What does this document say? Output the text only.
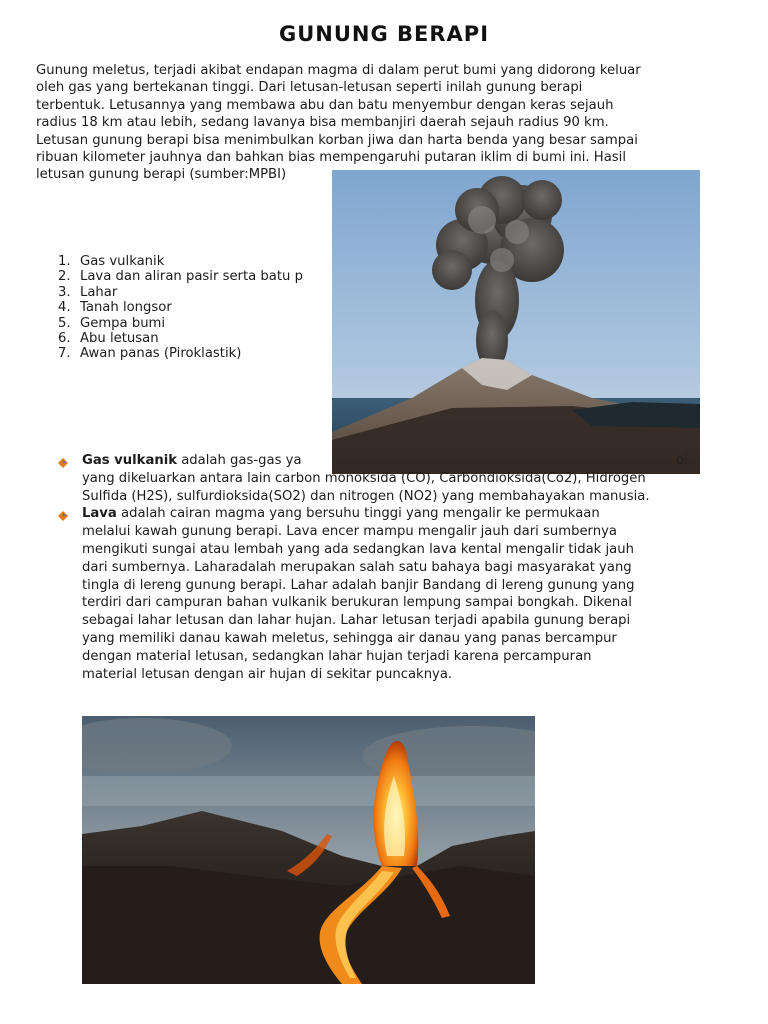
GUNUNG BERAPI
Gunung meletus, terjadi akibat endapan magma di dalam perut bumi yang didorong keluar
oleh gas yang bertekanan tinggi. Dari letusan-letusan seperti inilah gunung berapi
terbentuk. Letusannya yang membawa abu dan batu menyembur dengan keras sejauh
radius 18 km atau lebih, sedang lavanya bisa membanjiri daerah sejauh radius 90 km.
Letusan gunung berapi bisa menimbulkan korban jiwa dan harta benda yang besar sampai
ribuan kilometer jauhnya dan bahkan bias mempengaruhi putaran iklim di bumi ini. Hasil
letusan gunung berapi (sumber:MPBI)
1. Gas vulkanik
2. Lava dan aliran pasir serta batu p
3. Lahar
4. Tanah longsor
5. Gempa bumi
6. Abu letusan
7. Awan panas (Piroklastik)
Gas vulkanik adalah gas-gas ya	oi
yang dikeluarkan antara lain carbon monoksida (CO), Carbondioksida(Co2), Hidrogen
Sulfida (H2S), sulfurdioksida(SO2) dan nitrogen (NO2) yang membahayakan manusia.
Lava adalah cairan magma yang bersuhu tinggi yang mengalir ke permukaan
melalui kawah gunung berapi. Lava encer mampu mengalir jauh dari sumbernya
mengikuti sungai atau lembah yang ada sedangkan lava kental mengalir tidak jauh
dari sumbernya. Laharadalah merupakan salah satu bahaya bagi masyarakat yang
tingla di lereng gunung berapi. Lahar adalah banjir Bandang di lereng gunung yang
terdiri dari campuran bahan vulkanik berukuran lempung sampai bongkah. Dikenal
sebagai lahar letusan dan lahar hujan. Lahar letusan terjadi apabila gunung berapi
yang memiliki danau kawah meletus, sehingga air danau yang panas bercampur
dengan material letusan, sedangkan lahar hujan terjadi karena percampuran
material letusan dengan air hujan di sekitar puncaknya.
